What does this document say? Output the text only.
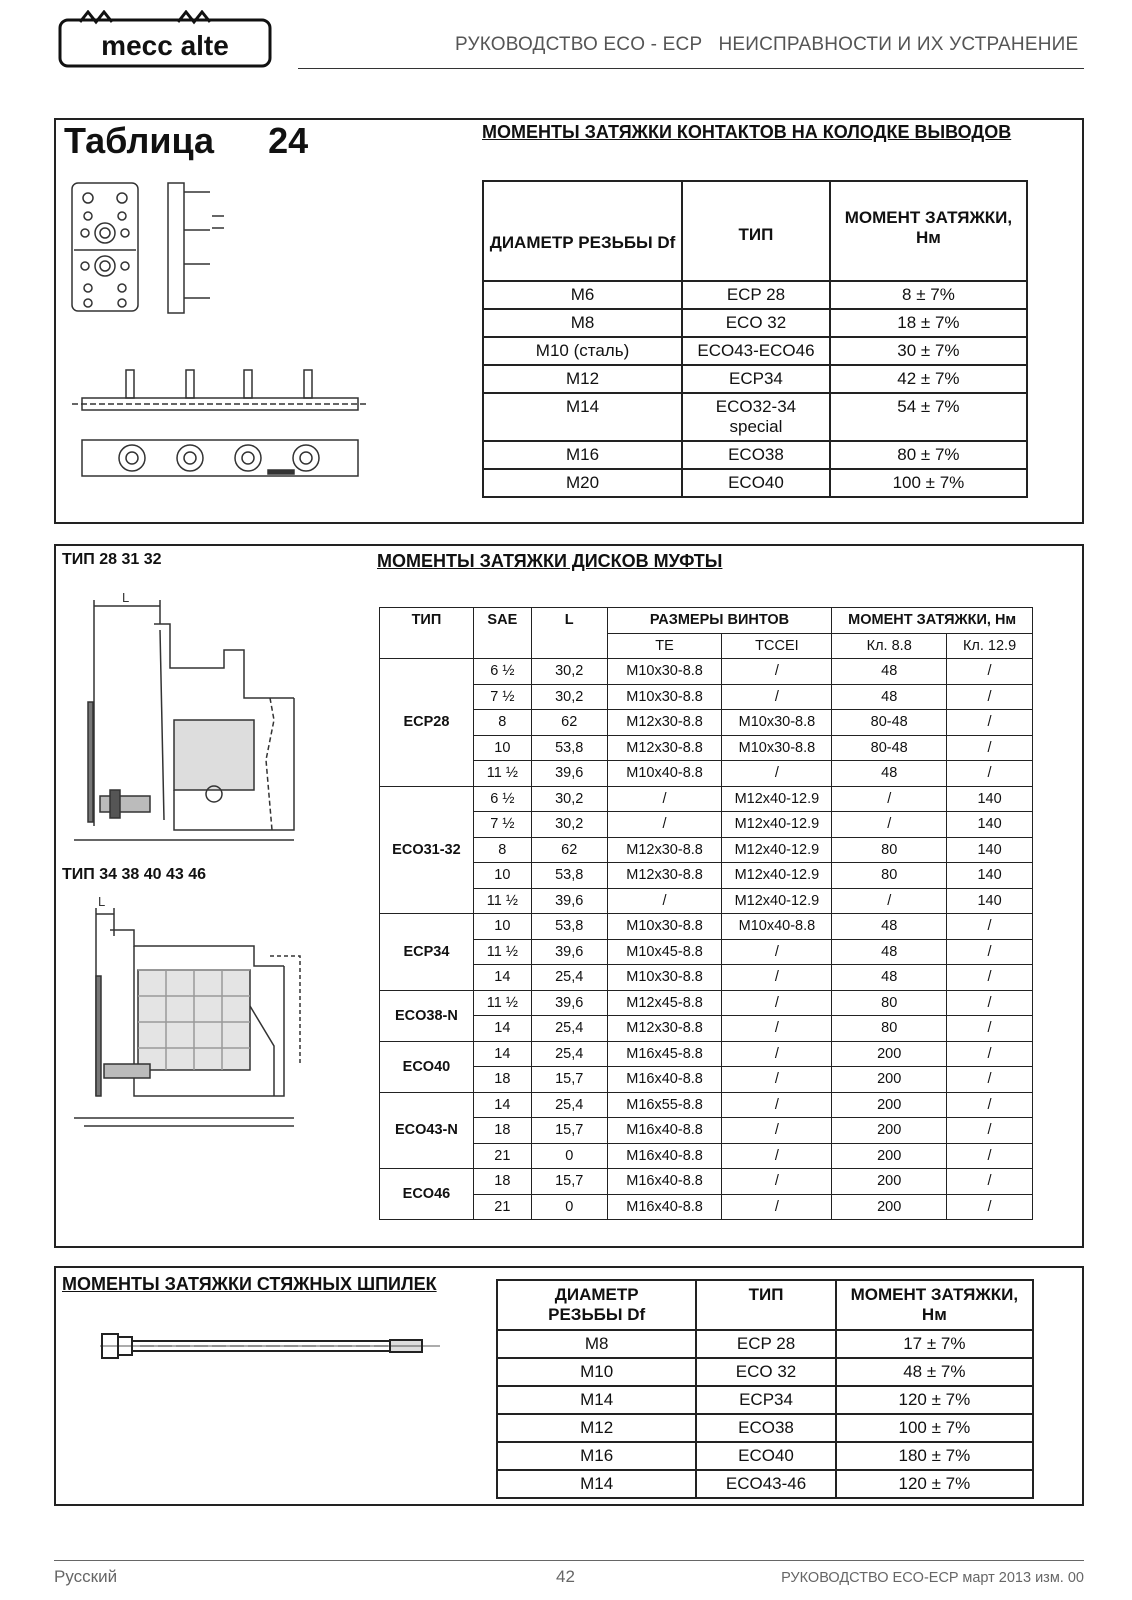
mecc alte	РУКОВОДСТВО ECO - ECP   НЕИСПРАВНОСТИ И ИХ УСТРАНЕНИЕ
Таблица 24	МОМЕНТЫ ЗАТЯЖКИ КОНТАКТОВ НА КОЛОДКЕ ВЫВОДОВ
ДИАМЕТР РЕЗЬБЫ Df	ТИП	МОМЕНТ ЗАТЯЖКИ, Нм
M6	ECP 28	8 ± 7%
M8	ECO 32	18 ± 7%
M10 (сталь)	ECO43-ECO46	30 ± 7%
M12	ECP34	42 ± 7%
M14	ECO32-34 special	54 ± 7%
M16	ECO38	80 ± 7%
M20	ECO40	100 ± 7%
ТИП 28 31 32
ТИП 34 38 40 43 46
МОМЕНТЫ ЗАТЯЖКИ ДИСКОВ МУФТЫ
L
L
ТИП	SAE	L	РАЗМЕРЫ ВИНТОВ		МОМЕНТ ЗАТЯЖКИ, Нм	
			TE	TCCEI	Кл. 8.8	Кл. 12.9
ECP28	6 ½	30,2	M10x30-8.8	/	48	/
	7 ½	30,2	M10x30-8.8	/	48	/
	8	62	M12x30-8.8	M10x30-8.8	80-48	/
	10	53,8	M12x30-8.8	M10x30-8.8	80-48	/
	11 ½	39,6	M10x40-8.8	/	48	/
ECO31-32	6 ½	30,2	/	M12x40-12.9	/	140
	7 ½	30,2	/	M12x40-12.9	/	140
	8	62	M12x30-8.8	M12x40-12.9	80	140
	10	53,8	M12x30-8.8	M12x40-12.9	80	140
	11 ½	39,6	/	M12x40-12.9	/	140
ECP34	10	53,8	M10x30-8.8	M10x40-8.8	48	/
	11 ½	39,6	M10x45-8.8	/	48	/
	14	25,4	M10x30-8.8	/	48	/
ECO38-N	11 ½	39,6	M12x45-8.8	/	80	/
	14	25,4	M12x30-8.8	/	80	/
ECO40	14	25,4	M16x45-8.8	/	200	/
	18	15,7	M16x40-8.8	/	200	/
ECO43-N	14	25,4	M16x55-8.8	/	200	/
	18	15,7	M16x40-8.8	/	200	/
	21	0	M16x40-8.8	/	200	/
ECO46	18	15,7	M16x40-8.8	/	200	/
	21	0	M16x40-8.8	/	200	/
МОМЕНТЫ ЗАТЯЖКИ СТЯЖНЫХ ШПИЛЕК
ДИАМЕТР РЕЗЬБЫ Df	ТИП	МОМЕНТ ЗАТЯЖКИ, Нм
M8	ECP 28	17 ± 7%
M10	ECO 32	48 ± 7%
M14	ECP34	120 ± 7%
M12	ECO38	100 ± 7%
M16	ECO40	180 ± 7%
M14	ECO43-46	120 ± 7%
Русский	42	РУКОВОДСТВО ECO-ECP март 2013 изм. 00
